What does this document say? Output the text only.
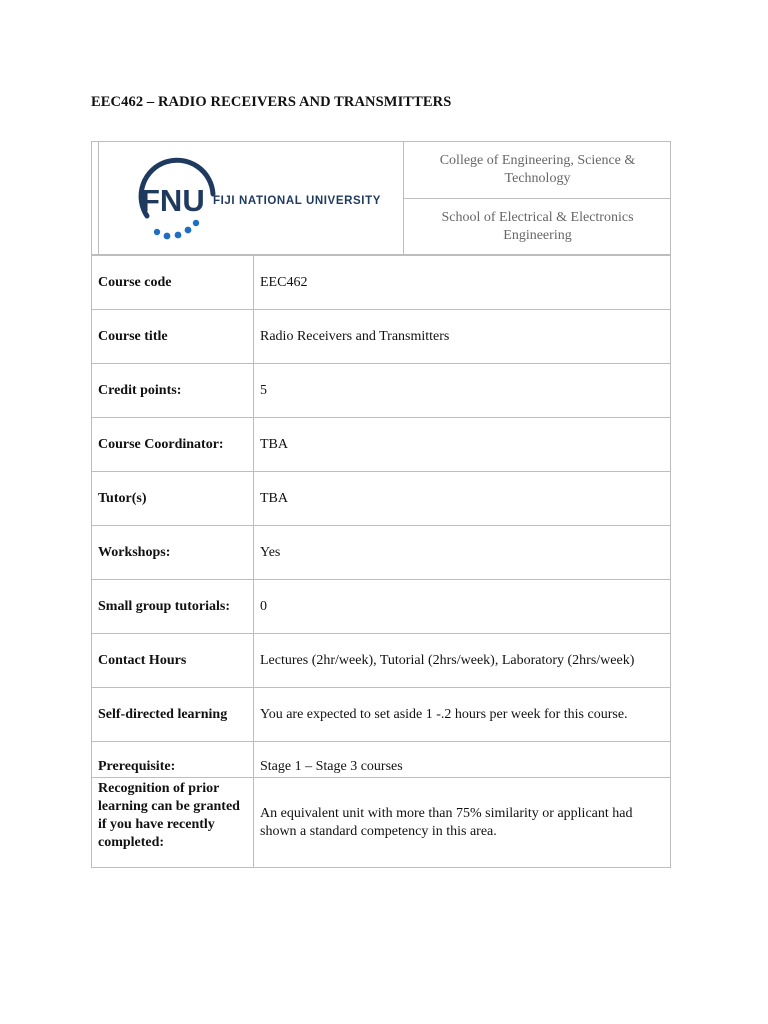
EEC462 – RADIO RECEIVERS AND TRANSMITTERS
FNU FIJI NATIONAL UNIVERSITY
College of Engineering, Science & Technology
School of Electrical & Electronics Engineering
Course code	EEC462
Course title	Radio Receivers and Transmitters
Credit points:	5
Course Coordinator:	TBA
Tutor(s)	TBA
Workshops:	Yes
Small group tutorials:	0
Contact Hours	Lectures (2hr/week), Tutorial (2hrs/week), Laboratory (2hrs/week)
Self-directed learning	You are expected to set aside 1 -.2 hours per week for this course.
Prerequisite:	Stage 1 – Stage 3 courses
Recognition of prior learning can be granted if you have recently completed:	An equivalent unit with more than 75% similarity or applicant had shown a standard competency in this area.
